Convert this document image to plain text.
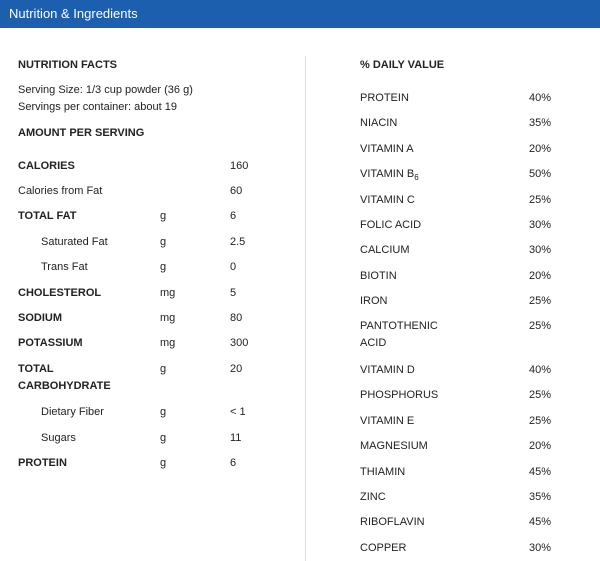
Nutrition & Ingredients
NUTRITION FACTS
Serving Size: 1/3 cup powder (36 g)
Servings per container: about 19
AMOUNT PER SERVING
CALORIES	160
Calories from Fat	60
TOTAL FAT	g	6
Saturated Fat	g	2.5
Trans Fat	g	0
CHOLESTEROL	mg	5
SODIUM	mg	80
POTASSIUM	mg	300
TOTAL
CARBOHYDRATE
g	20
Dietary Fiber	g	< 1
Sugars	g	11
PROTEIN	g	6
% DAILY VALUE
PROTEIN	40%
NIACIN	35%
VITAMIN A	20%
VITAMIN $B_6$	50%
VITAMIN C	25%
FOLIC ACID	30%
CALCIUM	30%
BIOTIN	20%
IRON	25%
PANTOTHENIC
ACID
25%
VITAMIN D	40%
PHOSPHORUS	25%
VITAMIN E	25%
MAGNESIUM	20%
THIAMIN	45%
ZINC	35%
RIBOFLAVIN	45%
COPPER	30%
